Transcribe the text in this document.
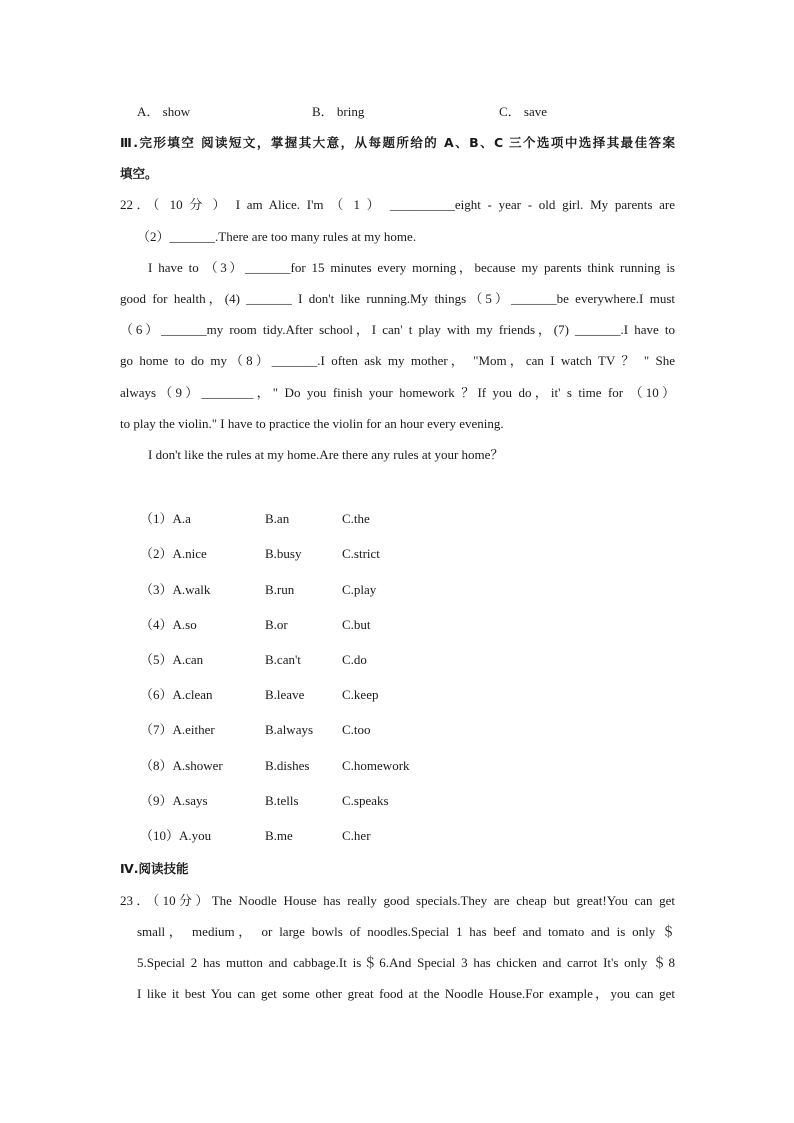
A． show	B． bring	C． save
Ⅲ.完形填空 阅读短文，掌握其大意，从每题所给的 A、B、C 三个选项中选择其最佳答案
填空。
22．（ 10 分 ） I am Alice. I'm （ 1 ） __________eight - year - old girl. My parents are
（2）_______.There are too many rules at my home.
I have to （3）_______for 15 minutes every morning，because my parents think running is
good for health，(4) _______ I don't like running.My things（5）_______be everywhere.I must
（6）_______my room tidy.After school，I can' t play with my friends，(7) _______.I have to
go home to do my（8）_______.I often ask my mother， "Mom，can I watch TV ？ " She
always（9）________，" Do you finish your homework ？If you do，it' s time for （10）
to play the violin." I have to practice the violin for an hour every evening.
I don't like the rules at my home.Are there any rules at your home？
（1）A.a	B.an	C.the
（2）A.nice	B.busy	C.strict
（3）A.walk	B.run	C.play
（4）A.so	B.or	C.but
（5）A.can	B.can't	C.do
（6）A.clean	B.leave	C.keep
（7）A.either	B.always C.too
（8）A.shower	B.dishes	C.homework
（9）A.says	B.tells	C.speaks
（10）A.you	B.me	C.her
Ⅳ.阅读技能
23．（10分）The Noodle House has really good specials.They are cheap but great!You can get
small， medium， or large bowls of noodles.Special 1 has beef and tomato and is only ＄
5.Special 2 has mutton and cabbage.It is＄6.And Special 3 has chicken and carrot It's only ＄8
I like it best You can get some other great food at the Noodle House.For example，you can get
